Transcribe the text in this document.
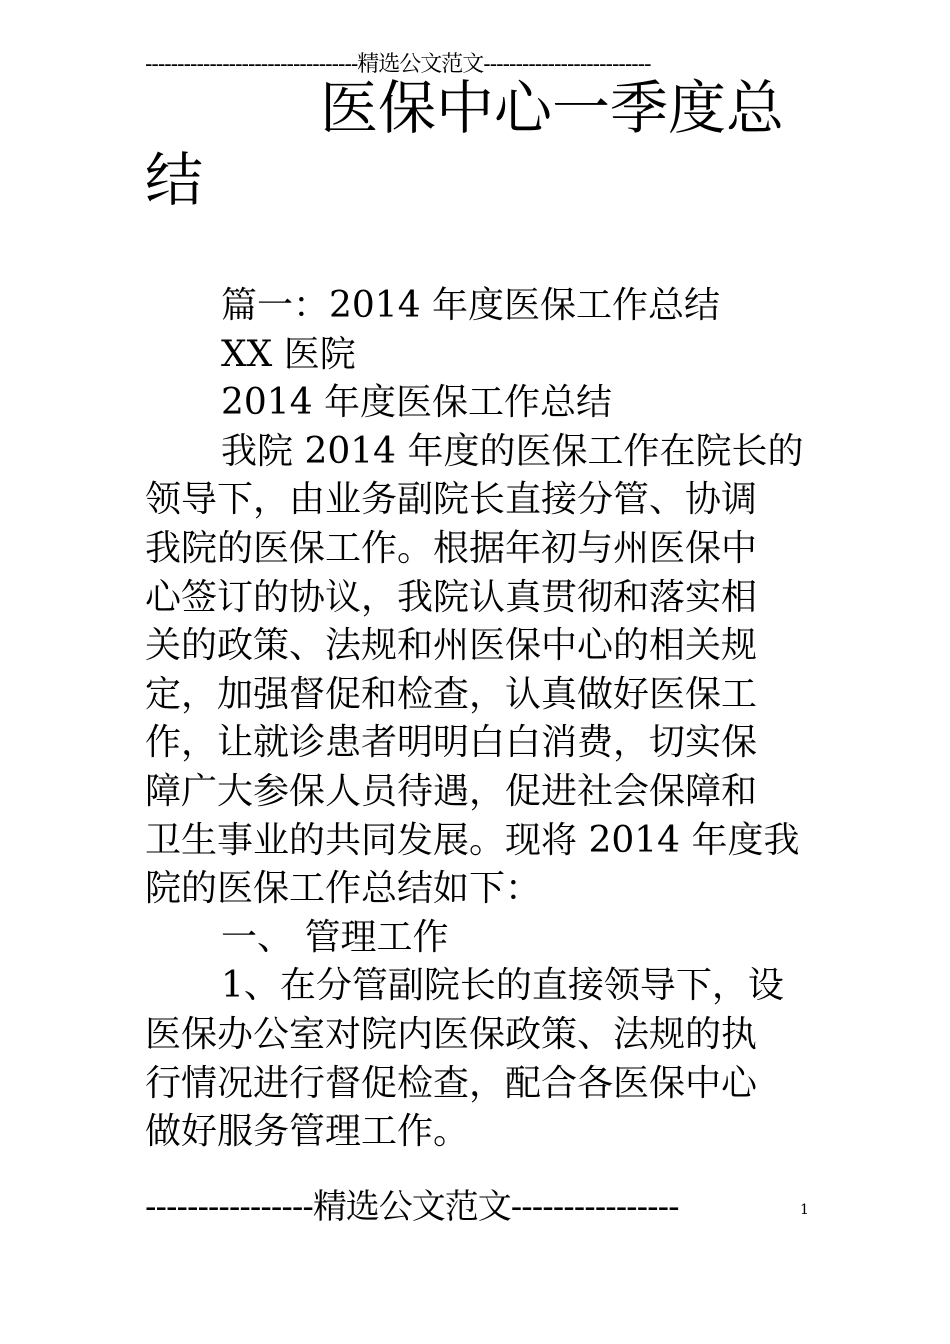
---------------------------------精选公文范文--------------------------
医保中心一季度总
结
篇一：2014 年度医保工作总结
XX 医院
2014 年度医保工作总结
我院 2014 年度的医保工作在院长的
领导下，由业务副院长直接分管、协调
我院的医保工作。根据年初与州医保中
心签订的协议，我院认真贯彻和落实相
关的政策、法规和州医保中心的相关规
定，加强督促和检查，认真做好医保工
作，让就诊患者明明白白消费，切实保
障广大参保人员待遇，促进社会保障和
卫生事业的共同发展。现将 2014 年度我
院的医保工作总结如下：
一、 管理工作
1、在分管副院长的直接领导下，设
医保办公室对院内医保政策、法规的执
行情况进行督促检查，配合各医保中心
做好服务管理工作。
----------------精选公文范文----------------	1
